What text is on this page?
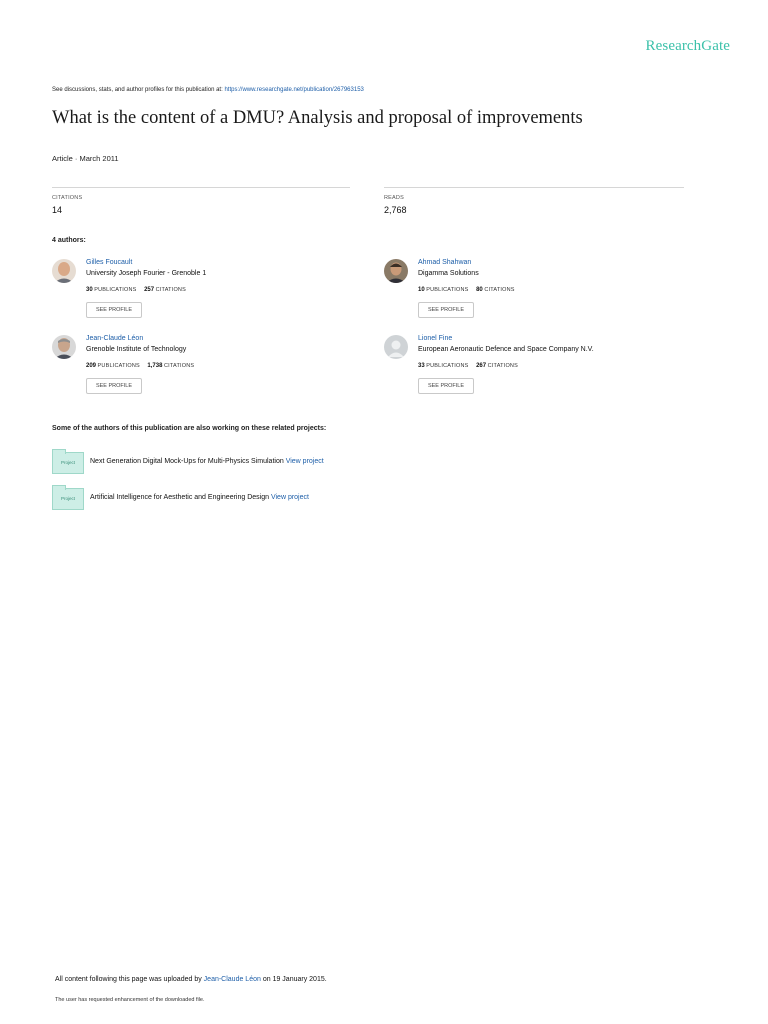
ResearchGate
See discussions, stats, and author profiles for this publication at: https://www.researchgate.net/publication/267963153
What is the content of a DMU? Analysis and proposal of improvements
Article · March 2011
CITATIONS
14
READS
2,768
4 authors:
Gilles Foucault
University Joseph Fourier - Grenoble 1
30 PUBLICATIONS 257 CITATIONS
SEE PROFILE
Ahmad Shahwan
Digamma Solutions
10 PUBLICATIONS 80 CITATIONS
SEE PROFILE
Jean-Claude Léon
Grenoble Institute of Technology
209 PUBLICATIONS 1,738 CITATIONS
SEE PROFILE
Lionel Fine
European Aeronautic Defence and Space Company N.V.
33 PUBLICATIONS 267 CITATIONS
SEE PROFILE
Some of the authors of this publication are also working on these related projects:
Project	Next Generation Digital Mock-Ups for Multi-Physics Simulation View project
Project	Artificial Intelligence for Aesthetic and Engineering Design View project
All content following this page was uploaded by Jean-Claude Léon on 19 January 2015.
The user has requested enhancement of the downloaded file.
